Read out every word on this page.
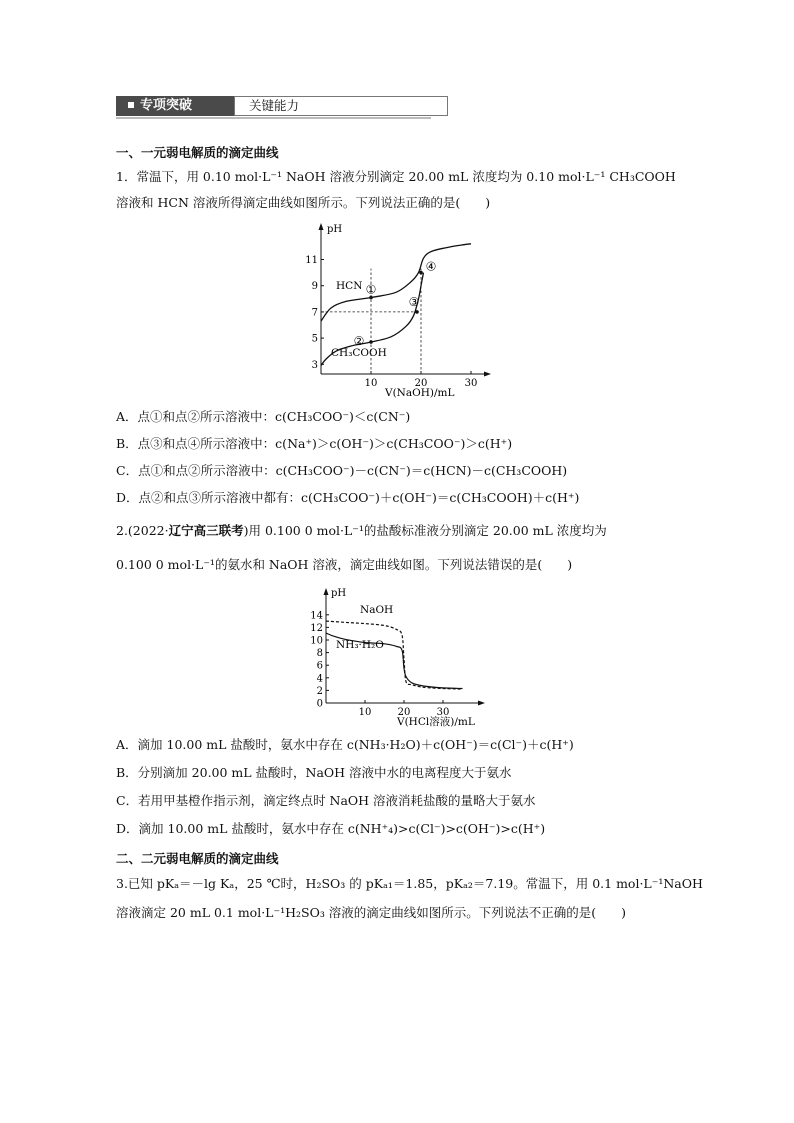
专项突破	关键能力
一、一元弱电解质的滴定曲线
1．常温下，用 0.10 mol·L⁻¹ NaOH 溶液分别滴定 20.00 mL 浓度均为 0.10 mol·L⁻¹ CH₃COOH
溶液和 HCN 溶液所得滴定曲线如图所示。下列说法正确的是(　　)
pH
3
5
7
9
11
10	20	30
①
②
③
④
HCN
CH₃COOH
V(NaOH)/mL
A．点①和点②所示溶液中：c(CH₃COO⁻)＜c(CN⁻)
B．点③和点④所示溶液中：c(Na⁺)＞c(OH⁻)＞c(CH₃COO⁻)＞c(H⁺)
C．点①和点②所示溶液中：c(CH₃COO⁻)－c(CN⁻)＝c(HCN)－c(CH₃COOH)
D．点②和点③所示溶液中都有：c(CH₃COO⁻)＋c(OH⁻)＝c(CH₃COOH)＋c(H⁺)
2.(2022·辽宁高三联考)用 0.100 0 mol·L⁻¹的盐酸标准液分别滴定 20.00 mL 浓度均为
0.100 0 mol·L⁻¹的氨水和 NaOH 溶液，滴定曲线如图。下列说法错误的是(　　)
pH
0
2
4
6
8
10
12
14
10	20	30
NaOH
NH₃·H₂O
V(HCl溶液)/mL
A．滴加 10.00 mL 盐酸时，氨水中存在 c(NH₃·H₂O)＋c(OH⁻)＝c(Cl⁻)＋c(H⁺)
B．分别滴加 20.00 mL 盐酸时，NaOH 溶液中水的电离程度大于氨水
C．若用甲基橙作指示剂，滴定终点时 NaOH 溶液消耗盐酸的量略大于氨水
D．滴加 10.00 mL 盐酸时，氨水中存在 c(NH⁺₄)>c(Cl⁻)>c(OH⁻)>c(H⁺)
二、二元弱电解质的滴定曲线
3.已知 pKₐ＝－lg Kₐ，25 ℃时，H₂SO₃ 的 pKₐ₁＝1.85，pKₐ₂＝7.19。常温下，用 0.1 mol·L⁻¹NaOH
溶液滴定 20 mL 0.1 mol·L⁻¹H₂SO₃ 溶液的滴定曲线如图所示。下列说法不正确的是(　　)
